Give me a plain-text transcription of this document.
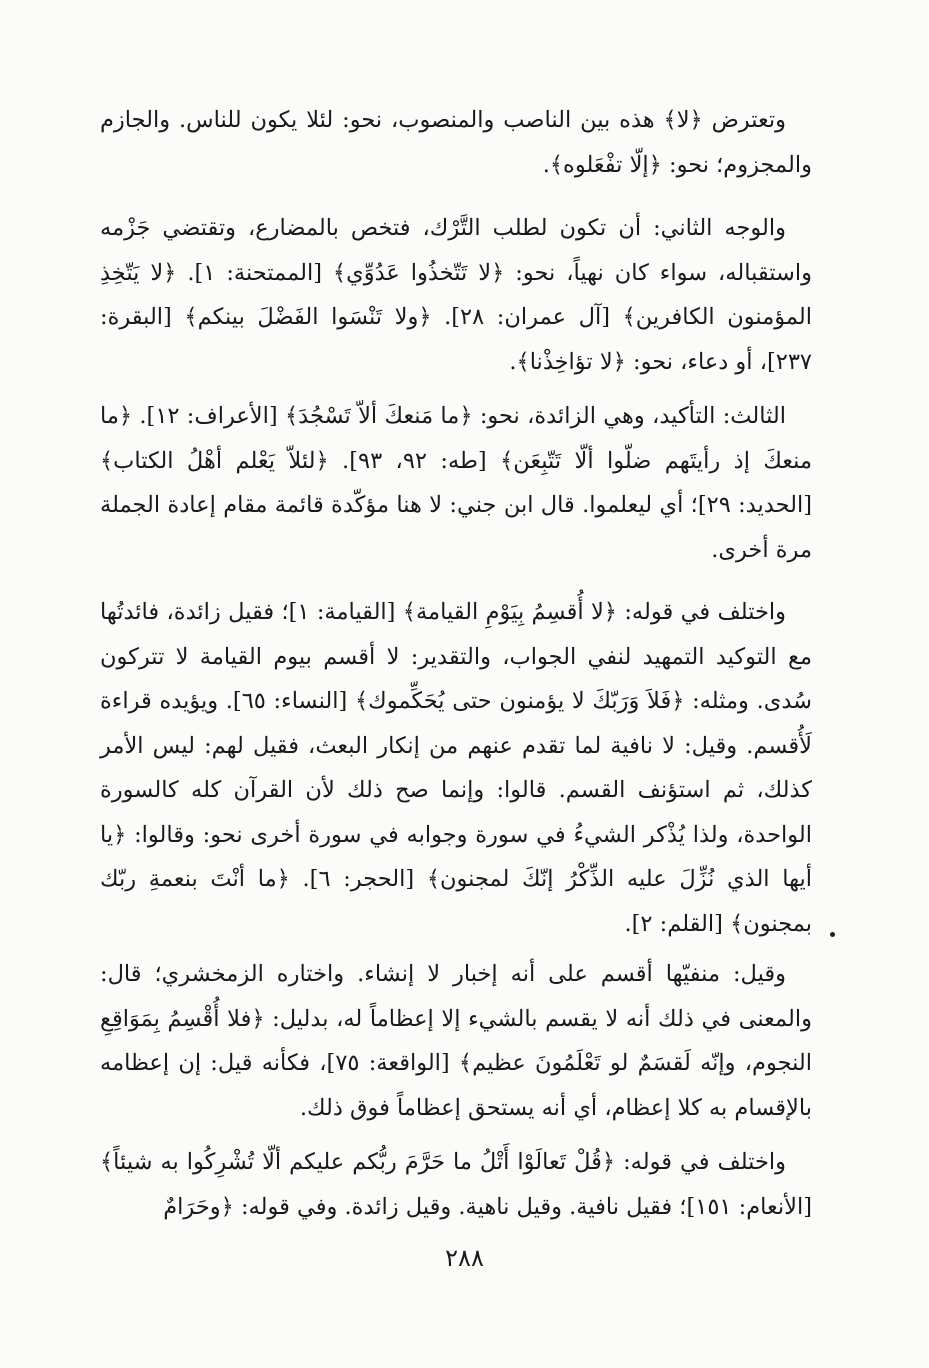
وتعترض ﴿لا﴾ هذه بين الناصب والمنصوب، نحو: لئلا يكون للناس. والجازم والمجزوم؛ نحو: ﴿إلّا تفْعَلوه﴾.

والوجه الثاني: أن تكون لطلب التَّرْك، فتخص بالمضارع، وتقتضي جَزْمه واستقباله، سواء كان نهياً، نحو: ﴿لا تَتّخذُوا عَدُوِّي﴾ [الممتحنة: ١]. ﴿لا يَتّخِذِ المؤمنون الكافرين﴾ [آل عمران: ٢٨]. ﴿ولا تَنْسَوا الفَضْلَ بينكم﴾ [البقرة: ٢٣٧]، أو دعاء، نحو: ﴿لا تؤاخِذْنا﴾.

الثالث: التأكيد، وهي الزائدة، نحو: ﴿ما مَنعكَ ألاّ تَسْجُدَ﴾ [الأعراف: ١٢]. ﴿ما منعكَ إذ رأيتَهم ضلّوا ألّا تَتّبِعَن﴾ [طه: ٩٢، ٩٣]. ﴿لئلاّ يَعْلم أهْلُ الكتاب﴾ [الحديد: ٢٩]؛ أي ليعلموا. قال ابن جني: لا هنا مؤكّدة قائمة مقام إعادة الجملة مرة أخرى.

واختلف في قوله: ﴿لا أُقسِمُ بِيَوْمِ القيامة﴾ [القيامة: ١]؛ فقيل زائدة، فائدتُها مع التوكيد التمهيد لنفي الجواب، والتقدير: لا أقسم بيوم القيامة لا تتركون سُدى. ومثله: ﴿فَلاَ وَرَبّكَ لا يؤمنون حتى يُحَكِّموك﴾ [النساء: ٦٥]. ويؤيده قراءة لَأُقسم. وقيل: لا نافية لما تقدم عنهم من إنكار البعث، فقيل لهم: ليس الأمر كذلك، ثم استؤنف القسم. قالوا: وإنما صح ذلك لأن القرآن كله كالسورة الواحدة، ولذا يُذْكر الشيءُ في سورة وجوابه في سورة أخرى نحو: وقالوا: ﴿يا أيها الذي نُزِّلَ عليه الذِّكْرُ إنّكَ لمجنون﴾ [الحجر: ٦]. ﴿ما أنْتَ بنعمةِ ربّك بمجنون﴾ [القلم: ٢].

وقيل: منفيّها أقسم على أنه إخبار لا إنشاء. واختاره الزمخشري؛ قال: والمعنى في ذلك أنه لا يقسم بالشيء إلا إعظاماً له، بدليل: ﴿فلا أُقْسِمُ بِمَوَاقِعِ النجوم، وإنّه لَقسَمٌ لو تَعْلَمُونَ عظيم﴾ [الواقعة: ٧٥]، فكأنه قيل: إن إعظامه بالإقسام به كلا إعظام، أي أنه يستحق إعظاماً فوق ذلك.

واختلف في قوله: ﴿قُلْ تَعالَوْا أَتْلُ ما حَرَّمَ ربُّكم عليكم ألّا تُشْرِكُوا به شيئاً﴾ [الأنعام: ١٥١]؛ فقيل نافية. وقيل ناهية. وقيل زائدة. وفي قوله: ﴿وحَرَامٌ

٢٨٨
